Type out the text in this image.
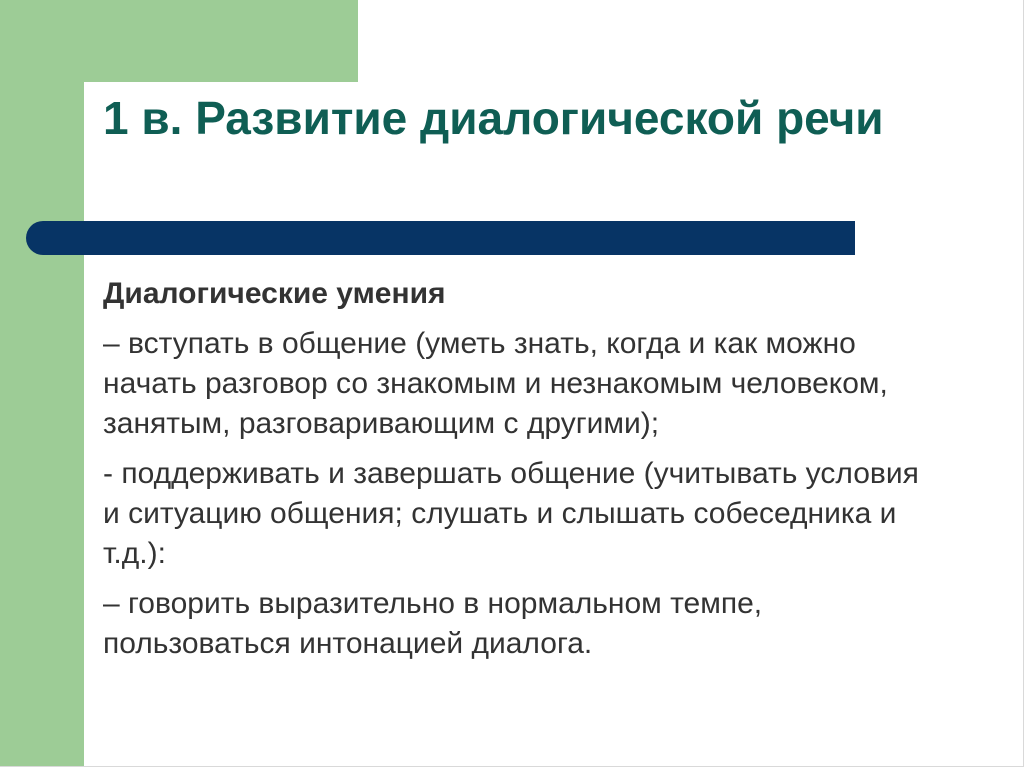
1 в. Развитие диалогической речи

Диалогические умения

– вступать в общение (уметь знать, когда и как можно начать разговор со знакомым и незнакомым человеком, занятым, разговаривающим с другими);

- поддерживать и завершать общение (учитывать условия и ситуацию общения; слушать и слышать собеседника и т.д.):

– говорить выразительно в нормальном темпе, пользоваться интонацией диалога.
